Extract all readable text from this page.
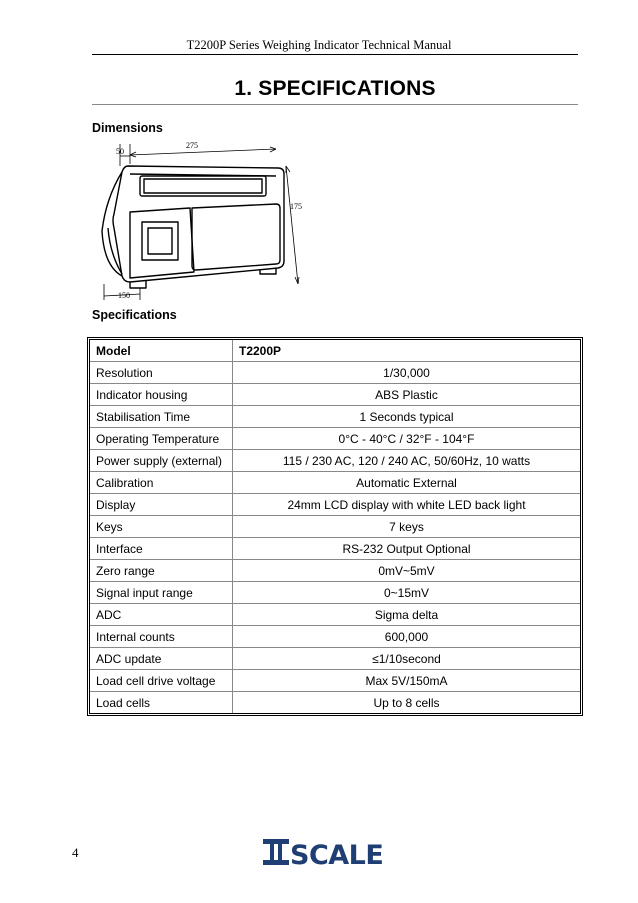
T2200P Series Weighing Indicator Technical Manual
1. SPECIFICATIONS
Dimensions
50
275
175
150
Specifications
Model	T2200P
Resolution	1/30,000
Indicator housing	ABS Plastic
Stabilisation Time	1 Seconds typical
Operating Temperature	0°C - 40°C / 32°F - 104°F
Power supply (external)	115 / 230 AC, 120 / 240 AC, 50/60Hz, 10 watts
Calibration	Automatic External
Display	24mm LCD display with white LED back light
Keys	7 keys
Interface	RS-232 Output Optional
Zero range	0mV~5mV
Signal input range	0~15mV
ADC	Sigma delta
Internal counts	600,000
ADC update	≤1/10second
Load cell drive voltage	Max 5V/150mA
Load cells	Up to 8 cells
4	SCALE
